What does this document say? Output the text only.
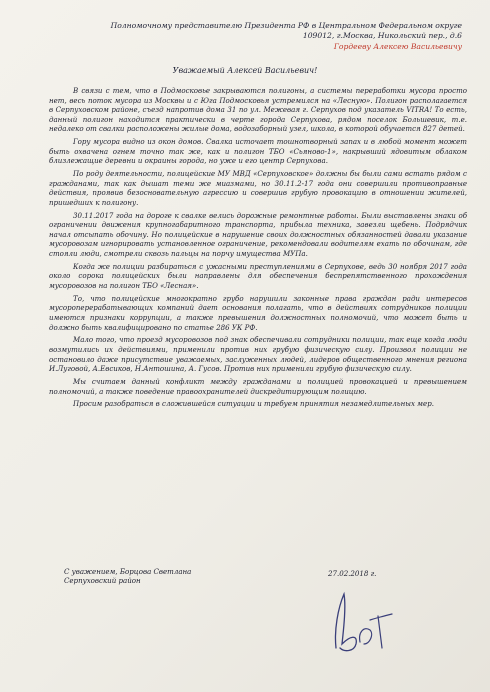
Полномочному представителю Президента РФ в Центральном Федеральном округе
109012, г.Москва, Никольский пер., д.6
Гордееву Алексею Васильевичу
Уважаемый Алексей Васильевич!

В связи с тем, что в Подмосковье закрываются полигоны, а системы переработки мусора просто нет, весь поток мусора из Москвы и с Юга Подмосковья устремился на «Лесную». Полигон располагается в Серпуховском районе, съезд напротив дома 31 по ул. Межевая г. Серпухов под указатель VITRA! То есть, данный полигон находится практически в черте города Серпухова, рядом поселок Большевик, т.е. недалеко от свалки расположены жилые дома, водозаборный узел, школа, в которой обучается 827 детей.

Гору мусора видно из окон домов. Свалка источает тошнотворный запах и в любой момент может быть охвачена огнем точно так же, как и полигон ТБО «Сьяново-1», накрывший ядовитым облаком близлежащие деревни и окраины города, но уже и его центр Серпухова.

По роду деятельности, полицейские МУ МВД «Серпуховское» должны бы были сами встать рядом с гражданами, так как дышат теми же миазмами, но 30.11.2-17 года они совершили противоправные действия, проявив безосновательную агрессию и совершив грубую провокацию в отношении жителей, пришедших к полигону.

30.11.2017 года на дороге к свалке велись дорожные ремонтные работы. Были выставлены знаки об ограничении движения крупногабаритного транспорта, прибыла техника, завезли щебень. Подрядчик начал отсыпать обочину. Но полицейские в нарушение своих должностных обязанностей давали указание мусоровозам игнорировать установленное ограничение, рекомендовали водителям ехать по обочинам, где стояли люди, смотрели сквозь пальцы на порчу имущества МУПа.

Когда же полиции разбираться с ужасными преступлениями в Серпухове, ведь 30 ноября 2017 года около сорока полицейских были направлены для обеспечения беспрепятственного прохождения мусоровозов на полигон ТБО «Лесная».

То, что полицейские многократно грубо нарушили законные права граждан ради интересов мусороперерабатывающих компаний дает основания полагать, что в действиях сотрудников полиции имеются признаки коррупции, а также превышения должностных полномочий, что может быть и должно быть квалифицировано по статье 286 УК РФ.

Мало того, что проезд мусоровозов под знак обеспечивали сотрудники полиции, так еще когда люди возмутились их действиями, применили против них грубую физическую силу. Произвол полиции не остановило даже присутствие уважаемых, заслуженных людей, лидеров общественного мнения региона И.Луговой, А.Евсиков, Н.Антошина, А. Гусов. Против них применили грубую физическую силу.

Мы считаем данный конфликт между гражданами и полицией провокацией и превышением полномочий, а также поведение правоохранителей дискредитирующим полицию.

Просим разобраться в сложившейся ситуации и требуем принятия незамедлительных мер.

С уважением, Борцова Светлана
Серпуховский район
27.02.2018 г.
